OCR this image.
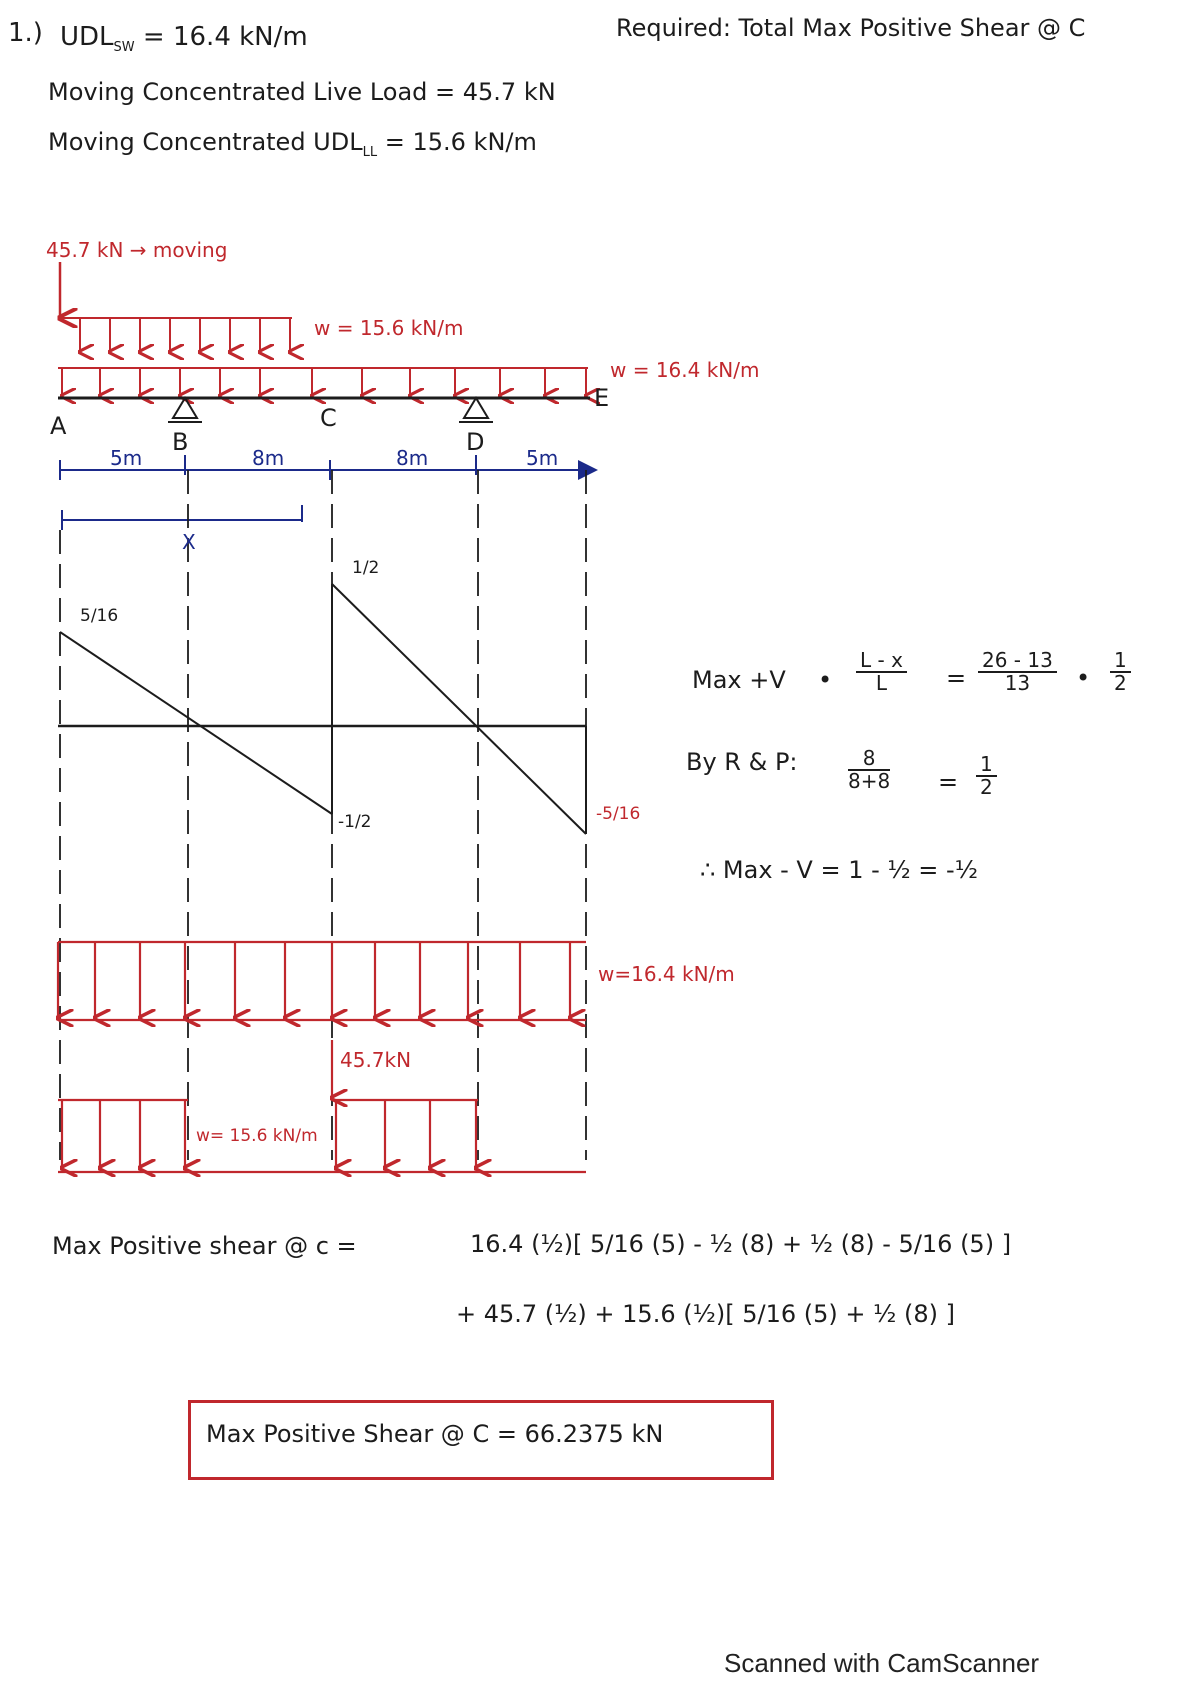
1.) $UDL_{SW} = 16.4$ kN/m	Required: Total Max Positive Shear @ C
Moving Concentrated Live Load = 45.7 kN
Moving Concentrated $UDL_{LL} = 15.6$ kN/m
45.7 kN → moving
w = 15.6 kN/m
w = 16.4 kN/m
A
B
C
D
E
5m	8m	8m	5m
X
5/16
1/2
-1/2	-5/16
w=16.4 kN/m
45.7kN
w= 15.6 kN/m
Max +V • $\frac{L - x}{L} = \frac{26 - 13}{13}$ • $\frac{1}{2}$
By R & P:	$\frac{8}{8+8} = \frac{1}{2}$
∴ Max - V = 1 - ½ = -½
Max Positive shear @ c =	16.4 (½)[ 5/16 (5) - ½ (8) + ½ (8) - 5/16 (5) ]
+ 45.7 (½) + 15.6 (½)[ 5/16 (5) + ½ (8) ]
Max Positive Shear @ C = 66.2375 kN
Scanned with CamScanner
